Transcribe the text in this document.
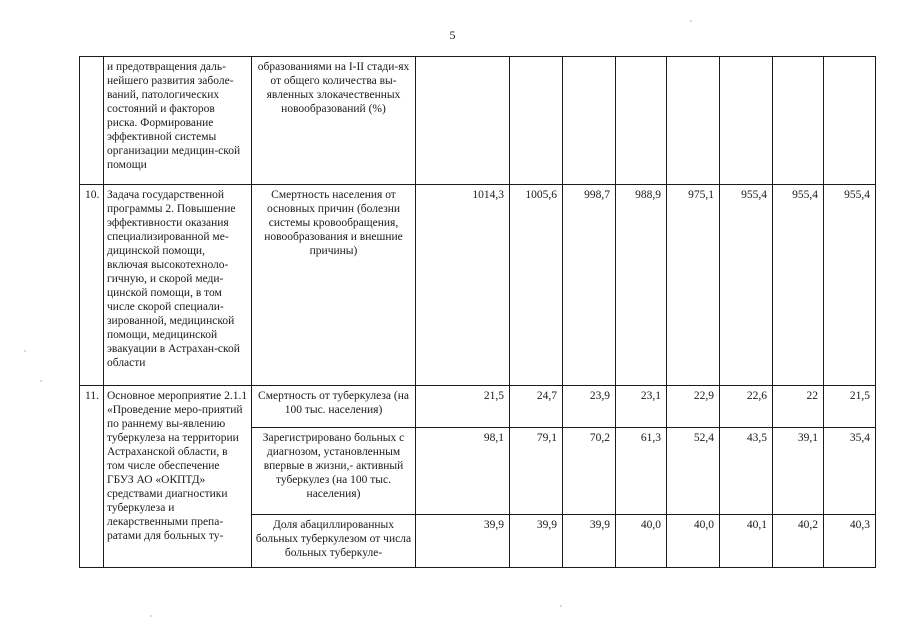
5
	и предотвращения даль-нейшего развития заболе-ваний, патологических состояний и факторов риска. Формирование эффективной системы организации медицин-ской помощи	образованиями на I-II стади-ях от общего количества вы-явленных злокачественных новообразований (%)								
10.	Задача государственной программы 2. Повышение эффективности оказания специализированной ме-дицинской помощи, включая высокотехноло-гичную, и скорой меди-цинской помощи, в том числе скорой специали-зированной, медицинской помощи, медицинской эвакуации в Астрахан-ской области	Смертность населения от основных причин (болезни системы кровообращения, новообразования и внешние причины)	1014,3	1005,6	998,7	988,9	975,1	955,4	955,4	955,4
11.	Основное мероприятие 2.1.1 «Проведение меро-приятий по раннему вы-явлению туберкулеза на территории Астраханской области, в том числе обеспечение ГБУЗ АО «ОКПТД» средствами диагностики туберкулеза и лекарственными препа-ратами для больных ту-	Смертность от туберкулеза (на 100 тыс. населения)	21,5	24,7	23,9	23,1	22,9	22,6	22	21,5
		Зарегистрировано больных с диагнозом, установленным впервые в жизни,- активный туберкулез (на 100 тыс. населения)	98,1	79,1	70,2	61,3	52,4	43,5	39,1	35,4
		Доля абациллированных больных туберкулезом от числа больных туберкуле-	39,9	39,9	39,9	40,0	40,0	40,1	40,2	40,3
